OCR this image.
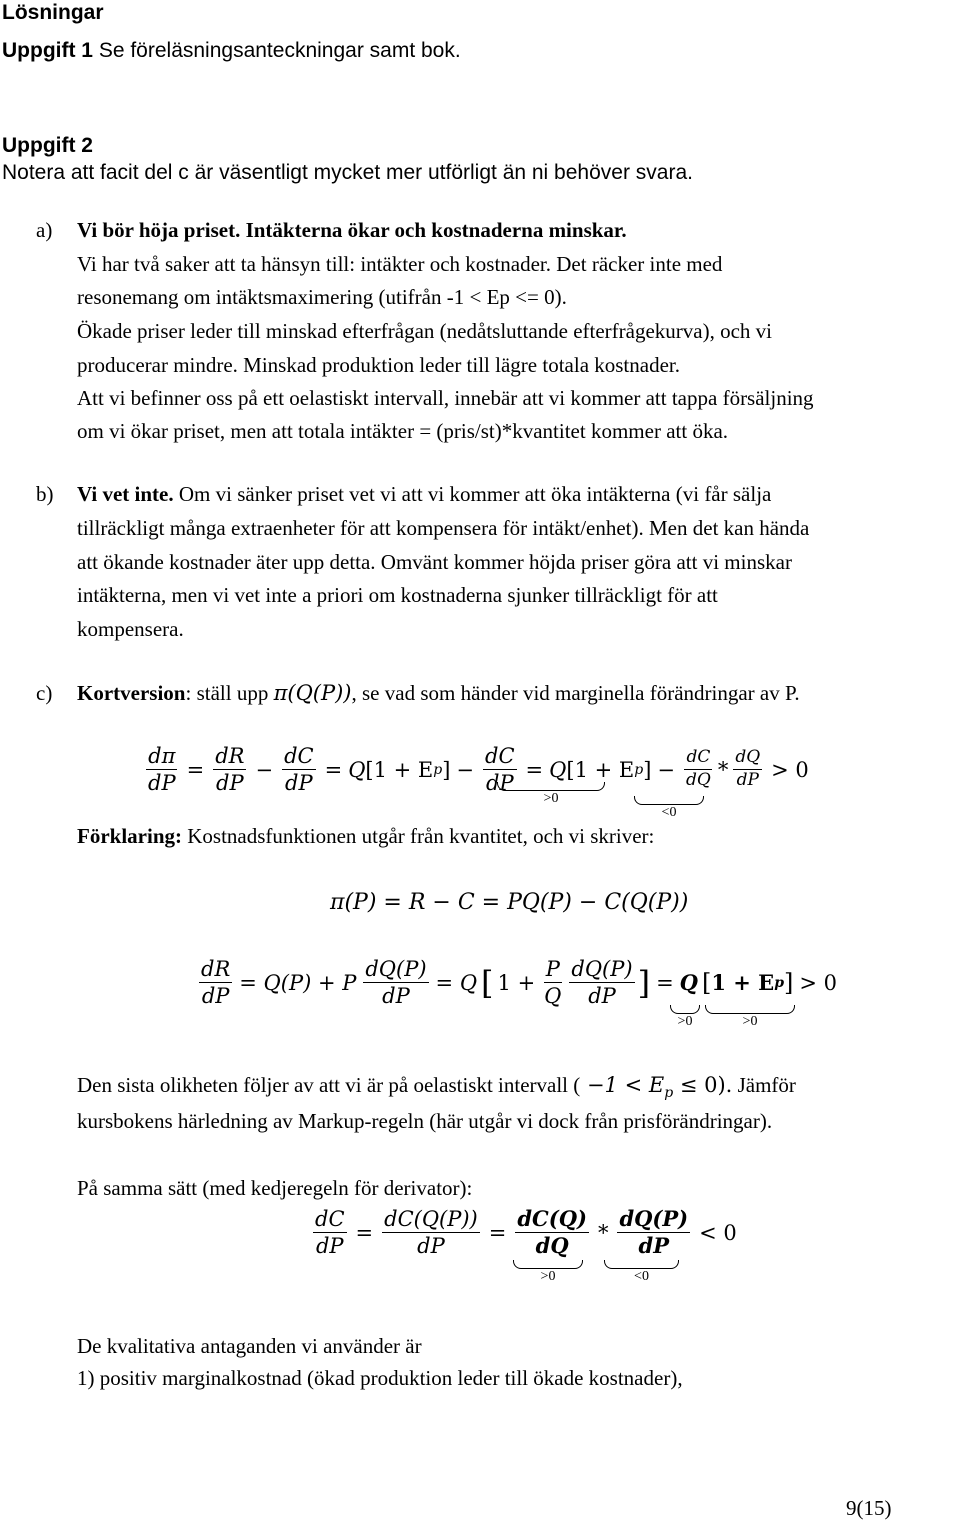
Lösningar
Uppgift 1 Se föreläsningsanteckningar samt bok.
Uppgift 2
Notera att facit del c är väsentligt mycket mer utförligt än ni behöver svara.
a) Vi bör höja priset. Intäkterna ökar och kostnaderna minskar.
Vi har två saker att ta hänsyn till: intäkter och kostnader. Det räcker inte med
resonemang om intäktsmaximering (utifrån -1 < Ep <= 0).
Ökade priser leder till minskad efterfrågan (nedåtsluttande efterfrågekurva), och vi
producerar mindre. Minskad produktion leder till lägre totala kostnader.
Att vi befinner oss på ett oelastiskt intervall, innebär att vi kommer att tappa försäljning
om vi ökar priset, men att totala intäkter = (pris/st)*kvantitet kommer att öka.
b) Vi vet inte. Om vi sänker priset vet vi att vi kommer att öka intäkterna (vi får sälja
tillräckligt många extraenheter för att kompensera för intäkt/enhet). Men det kan hända
att ökande kostnader äter upp detta. Omvänt kommer höjda priser göra att vi minskar
intäkterna, men vi vet inte a priori om kostnaderna sjunker tillräckligt för att
kompensera.
c) Kortversion: ställ upp π(Q(P)), se vad som händer vid marginella förändringar av P.
$\frac{d\pi}{dP} = \frac{dR}{dP} - \frac{dC}{dP} = Q$ [1 + E p ] − $\frac{dC}{dP} = Q$ [1 + E p ] − $\frac{dC}{dQ} * \frac{dQ}{dP} > 0$
>0
<0
Förklaring: Kostnadsfunktionen utgår från kvantitet, och vi skriver:
π(P) = R − C = PQ(P) − C(Q(P))
$\frac{dR}{dP} = Q(P) + P \frac{dQ(P)}{dP} = Q$ [ $1 + \frac{P}{Q} \frac{dQ(P)}{dP}$ ] = Q [ 1 + E p ] > 0
>0	>0
Den sista olikheten följer av att vi är på oelastiskt intervall ( $-1 < E_p \le 0$). Jämför
kursbokens härledning av Markup-regeln (här utgår vi dock från prisförändringar).
På samma sätt (med kedjeregeln för derivator):
$\frac{dC}{dP} = \frac{dC(Q(P))}{dP} = \frac{dC(Q)}{dQ} * \frac{dQ(P)}{dP} < 0$
>0	<0
De kvalitativa antaganden vi använder är
1) positiv marginalkostnad (ökad produktion leder till ökade kostnader),
9(15)
